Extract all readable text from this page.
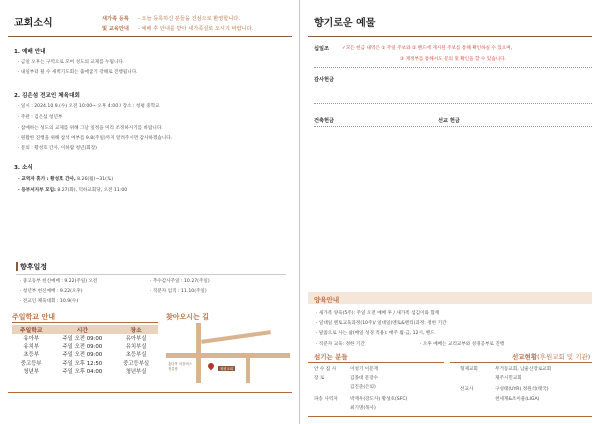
교회소식	새가족 등록
및 교육안내
- 오늘 등록하신 분들을 진심으로 환영합니다.
- 예배 후 안내를 받아 새가족실로 오시기 바랍니다.
1. 예배 안내
· 금일 오후는 구역으로 모여 성도의 교제를 누립니다.
· 내일부터 될 수 새벽기도회는 출애굽기 강해로 진행됩니다.
2. 김은섬 전교인 체육대회
· 일시 : 2024.10.9.(수) 오전 10:00~ 오후 4:00 / 장소 : 청평 중학교
· 주관 : 김은섬 청년부
· 참예하는 성도의 교제를 위해 그날 일정을 미리 조정하시기를 바랍니다.
· 원활한 진행을 위해 참석 여부를 9.8(주일)까지 알려주시면 감사하겠습니다.
· 문의 : 황성호 간사, 이하람 청년(회장)
3. 소식
· 교역자 휴가 : 황성호 간사, 8.26(월)~31(토)
· 등부서지부 모임: 8.27(화), 덕하교회당, 오전 11:00
향후일정
· 중고등부 헌신예배 : 9.22(주일) 오전
· 청년부 헌신예배 : 9.22(오후)
· 전교인 체육대회 : 10.9(수)
· 추수감사주일 : 10.27(주일)
· 직분자 임직 : 11.10(주일)
주일학교 안내
주일학교	시간	장소
유아부	주일 오전 09:00	유아부실
유치부	주일 오전 09:00	유치부실
초등부	주일 오전 09:00	초등부실
중고등부	주일 오후 12:50	중고등부실
청년부	주일 오후 04:00	청년부실
찾아오시는 길
청평교회
홍다목 마을버스
정류장
향기로운 예물
십일조	✓모든 헌금 내역은 ① 주일 주보와 ② 밴드에 게시된 주보를 통해 확인하실 수 있으며,
③ 재정부를 통해서도 문의 및 확인을 할 수 있습니다.
감사헌금
건축헌금	선교 헌금
양육안내
· 새가족 양육(5주): 주일 오전 예배 후 / 새가족 섬김이와 함께
· 일대일 멘토교육과정(10주)/ 일대일(멘토&멘티)과정: 정한 기간
· 말씀으로 사는 삶(매일 성경 적용): 매주 월·금, 12시, 밴드
· 직분자 교육: 정한 기간	· 오후 예배는 교리교부와 성경공부로 진행
섬기는 분들
안 수 집 사	이성기 이문재
장 로	김종대 문장수
김진준(은퇴)
파송 사역자	박재우(강도사) 황성호(SFC)
최기명(목사)
선교현황(후원교회 및 기관)
형제교회	무거동교회, 남울산장로교회
제주시민교회
선교사	구성태(UYR) 정원석(태국)
천세계&조이물(LIGA)
